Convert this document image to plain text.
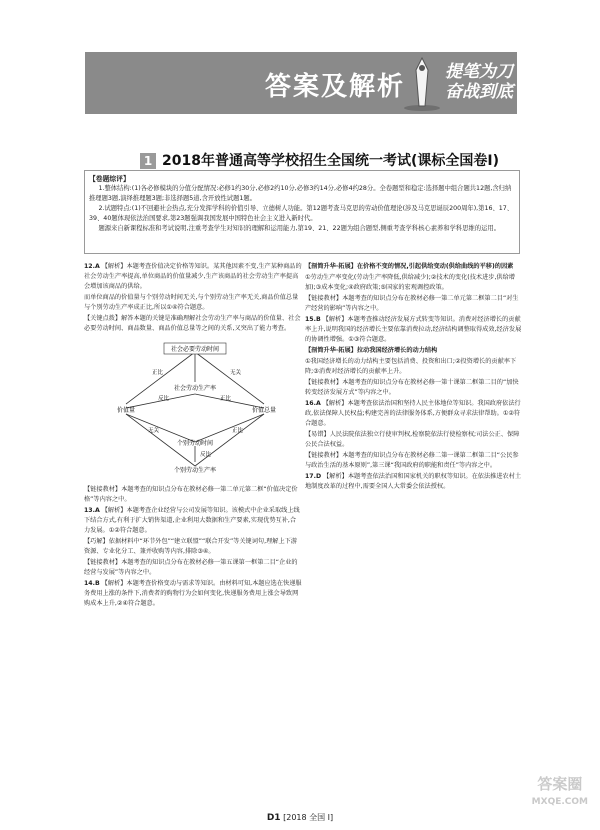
答案及解析 提笔为刀
奋战到底
1 2018年普通高等学校招生全国统一考试(课标全国卷Ⅰ)
【卷题综评】

1.整体结构:(1)各必修模块的分值分配情况:必修1约30分,必修2约10分,必修3约14分,必修4约28分。全卷题型和稳定:选择题中组合题共12题,含归纳推理题3题,演绎推理题3题;非选择题5道,含开放性试题1题。

2.试题特点:(1)不回避社会热点,充分发挥学科的价值引导、立德树人功能。第12题考查马克思的劳动价值理论(涉及马克思诞辰200周年),第16、17、39、40题体现依法治国要求,第23题强调我国发展中国特色社会主义进入新时代。

题源来自新课程标准和考试说明,注重考查学生对知识的理解和运用能力,第19、21、22题为组合题型,侧重考查学科核心素养和学科思维的运用。

12.A 【解析】本题考查价值决定价格等知识。某其他因素不变,生产某种商品的社会劳动生产率提高,单位商品的价值量减少,生产该商品的社会劳动生产率提高会增加该商品的供给。

而单位商品的价值量与个别劳动时间无关,与个别劳动生产率无关,商品价值总量与个别劳动生产率成正比,所以①④符合题意。

【关键点拨】解答本题的关键是准确理解社会劳动生产率与商品的价值量、社会必要劳动时间、商品数量、商品价值总量等之间的关系,又突出了能力考查。

社会必要劳动时间
社会劳动生产率
价值量	价值总量
个别劳动时间
个别劳动生产率
正比	无关
反比	正比
无关	正比
反比

【链接教材】本题考查的知识点分布在教材必修一第二单元第二框“价值决定价格”等内容之中。

13.A 【解析】本题考查企业经营与公司发展等知识。该模式中企业采取线上线下结合方式,有利于扩大销售渠道,企业利用大数据和生产要素,实现优势互补,合力发展。①②符合题意。

【巧解】依据材料中“环节外包”“建立联盟”“联合开发”等关键词句,理解上下游资源、专业化分工、兼并收购等内容,排除③④。

【链接教材】本题考查的知识点分布在教材必修一第五课第一框第二目“企业的经营与发展”等内容之中。

14.B 【解析】本题考查价格变动与需求等知识。由材料可知,本题应选在快递服务费用上涨的条件下,消费者的购物行为会如何变化,快递服务费用上涨会导致网购成本上升,②④符合题意。

【剖简升华·拓展】在价格不变的情况,引起供给变动(供给曲线的平移)的因素

①劳动生产率变化(劳动生产率降低,供给减少);②技术的变化(技术进步,供给增加);③成本变化;④政府政策;⑤国家的宏观调控政策。

【链接教材】本题考查的知识点分布在教材必修一第二单元第二框第二目“对生产经营的影响”等内容之中。

15.B 【解析】本题考查推动经济发展方式转变等知识。消费对经济增长的贡献率上升,说明我国的经济增长主要依靠消费拉动,经济结构调整取得成效,经济发展的协调性增强。①③符合题意。

【剖简升华·拓展】拉动我国经济增长的动力结构

①我国经济增长的动力结构主要包括消费、投资和出口;②投资增长的贡献率下降;③消费对经济增长的贡献率上升。

【链接教材】本题考查的知识点分布在教材必修一第十课第二框第二目的“加快转变经济发展方式”等内容之中。

16.A 【解析】本题考查依法治国和坚持人民主体地位等知识。我国政府依法行政,依法保障人民权益;构建完善的法律服务体系,方便群众寻求法律帮助。①②符合题意。

【易错】人民法院依法独立行使审判权,检察院依法行使检察权;司法公正、保障公民合法权益。

【链接教材】本题考查的知识点分布在教材必修二第一课第二框第二目“公民参与政治生活的基本原则”,第三课“我国政府的职能和责任”等内容之中。

17.D 【解析】本题考查依法治国和国家机关的职权等知识。在依法推进农村土地制度改革的过程中,需要全国人大常委会依法授权。

答案圈
MXQE.COM
D1 [2018 全国 Ⅰ]
